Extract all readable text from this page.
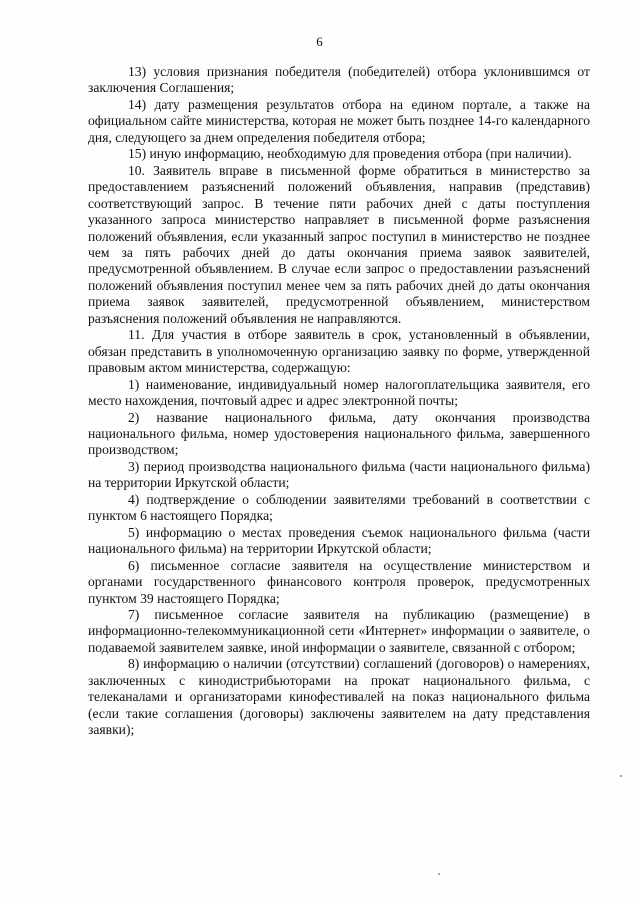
6

13) условия признания победителя (победителей) отбора уклонившимся от заключения Соглашения;

14) дату размещения результатов отбора на едином портале, а также на официальном сайте министерства, которая не может быть позднее 14-го календарного дня, следующего за днем определения победителя отбора;

15) иную информацию, необходимую для проведения отбора (при наличии).

10. Заявитель вправе в письменной форме обратиться в министерство за предоставлением разъяснений положений объявления, направив (представив) соответствующий запрос. В течение пяти рабочих дней с даты поступления указанного запроса министерство направляет в письменной форме разъяснения положений объявления, если указанный запрос поступил в министерство не позднее чем за пять рабочих дней до даты окончания приема заявок заявителей, предусмотренной объявлением. В случае если запрос о предоставлении разъяснений положений объявления поступил менее чем за пять рабочих дней до даты окончания приема заявок заявителей, предусмотренной объявлением, министерством разъяснения положений объявления не направляются.

11. Для участия в отборе заявитель в срок, установленный в объявлении, обязан представить в уполномоченную организацию заявку по форме, утвержденной правовым актом министерства, содержащую:

1) наименование, индивидуальный номер налогоплательщика заявителя, его место нахождения, почтовый адрес и адрес электронной почты;

2) название национального фильма, дату окончания производства национального фильма, номер удостоверения национального фильма, завершенного производством;

3) период производства национального фильма (части национального фильма) на территории Иркутской области;

4) подтверждение о соблюдении заявителями требований в соответствии с пунктом 6 настоящего Порядка;

5) информацию о местах проведения съемок национального фильма (части национального фильма) на территории Иркутской области;

6) письменное согласие заявителя на осуществление министерством и органами государственного финансового контроля проверок, предусмотренных пунктом 39 настоящего Порядка;

7) письменное согласие заявителя на публикацию (размещение) в информационно-телекоммуникационной сети «Интернет» информации о заявителе, о подаваемой заявителем заявке, иной информации о заявителе, связанной с отбором;

8) информацию о наличии (отсутствии) соглашений (договоров) о намерениях, заключенных с кинодистрибьюторами на прокат национального фильма, с телеканалами и организаторами кинофестивалей на показ национального фильма (если такие соглашения (договоры) заключены заявителем на дату представления заявки);
